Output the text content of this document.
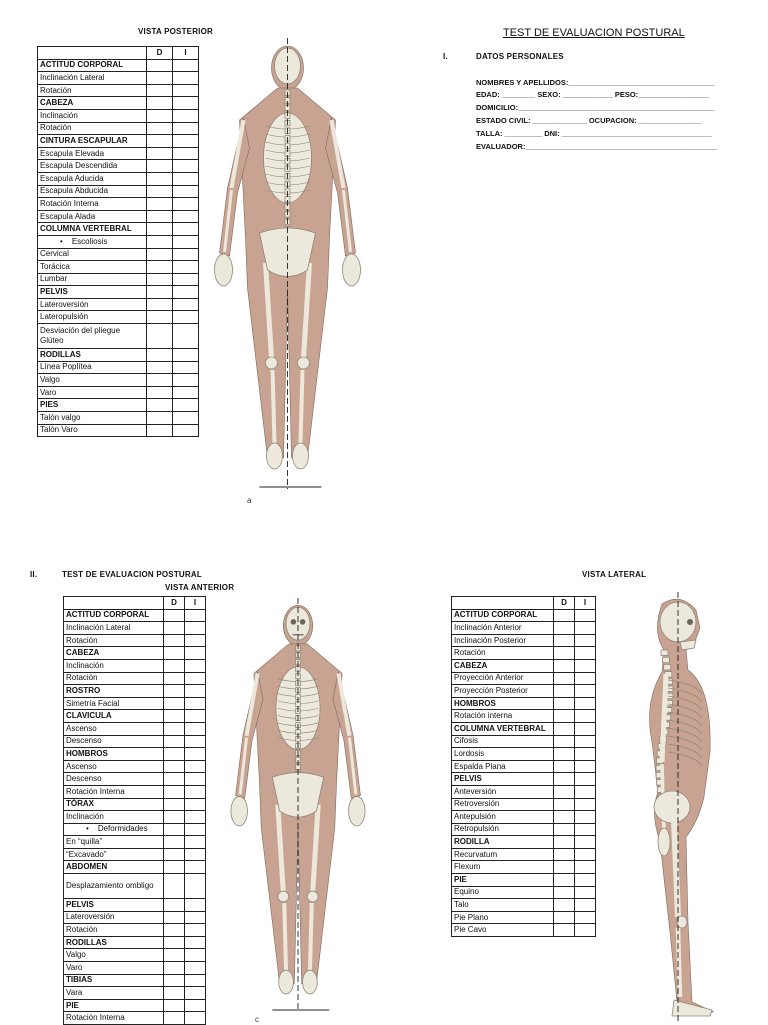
VISTA POSTERIOR
	D	I
ACTITUD CORPORAL		
Inclinación Lateral		
Rotación		
CABEZA		
Inclinación		
Rotación		
CINTURA ESCAPULAR		
Escapula Elevada		
Escapula Descendida		
Escapula Aducida		
Escapula Abducida		
Rotación Interna		
Escapula Alada		
COLUMNA VERTEBRAL		
• Escoliosis		
Cervical		
Torácica		
Lumbar		
PELVIS		
Lateroversión		
Lateropulsión		
Desviación del pliegue Glúteo		
RODILLAS		
Línea Poplítea		
Valgo		
Varo		
PIES		
Talón valgo		
Talón Varo		
a
TEST DE EVALUACION POSTURAL
I.	DATOS PERSONALES
NOMBRES Y APELLIDOS:___________________________________
EDAD: ________ SEXO: ____________ PESO:_________________
DOMICILIO:_______________________________________________
ESTADO CIVIL: _____________ OCUPACION: _______________
TALLA: _________ DNI: ____________________________________
EVALUADOR:______________________________________________
II.	TEST DE EVALUACION POSTURAL
VISTA ANTERIOR
	D	I
ACTITUD CORPORAL		
Inclinación Lateral		
Rotación		
CABEZA		
Inclinación		
Rotación		
ROSTRO		
Simetría Facial		
CLAVICULA		
Ascenso		
Descenso		
HOMBROS		
Ascenso		
Descenso		
Rotación Interna		
TÓRAX		
Inclinación		
• Deformidades		
En “quilla”		
“Excavado”		
ABDOMEN		
Desplazamiento ombligo		
PELVIS		
Lateroversión		
Rotación		
RODILLAS		
Valgo		
Varo		
TIBIAS		
Vara		
PIE		
Rotación Interna			c
VISTA LATERAL
	D	I
ACTITUD CORPORAL		
Inclinación Anterior		
Inclinación Posterior		
Rotación		
CABEZA		
Proyección Anterior		
Proyección Posterior		
HOMBROS		
Rotación interna		
COLUMNA VERTEBRAL		
Cifosis		
Lordosis		
Espalda Plana		
PELVIS		
Anteversión		
Retroversión		
Antepulsión		
Retropulsión		
RODILLA		
Recurvatum		
Flexum		
PIE		
Equino		
Talo		
Pie Plano		
Pie Cavo		
